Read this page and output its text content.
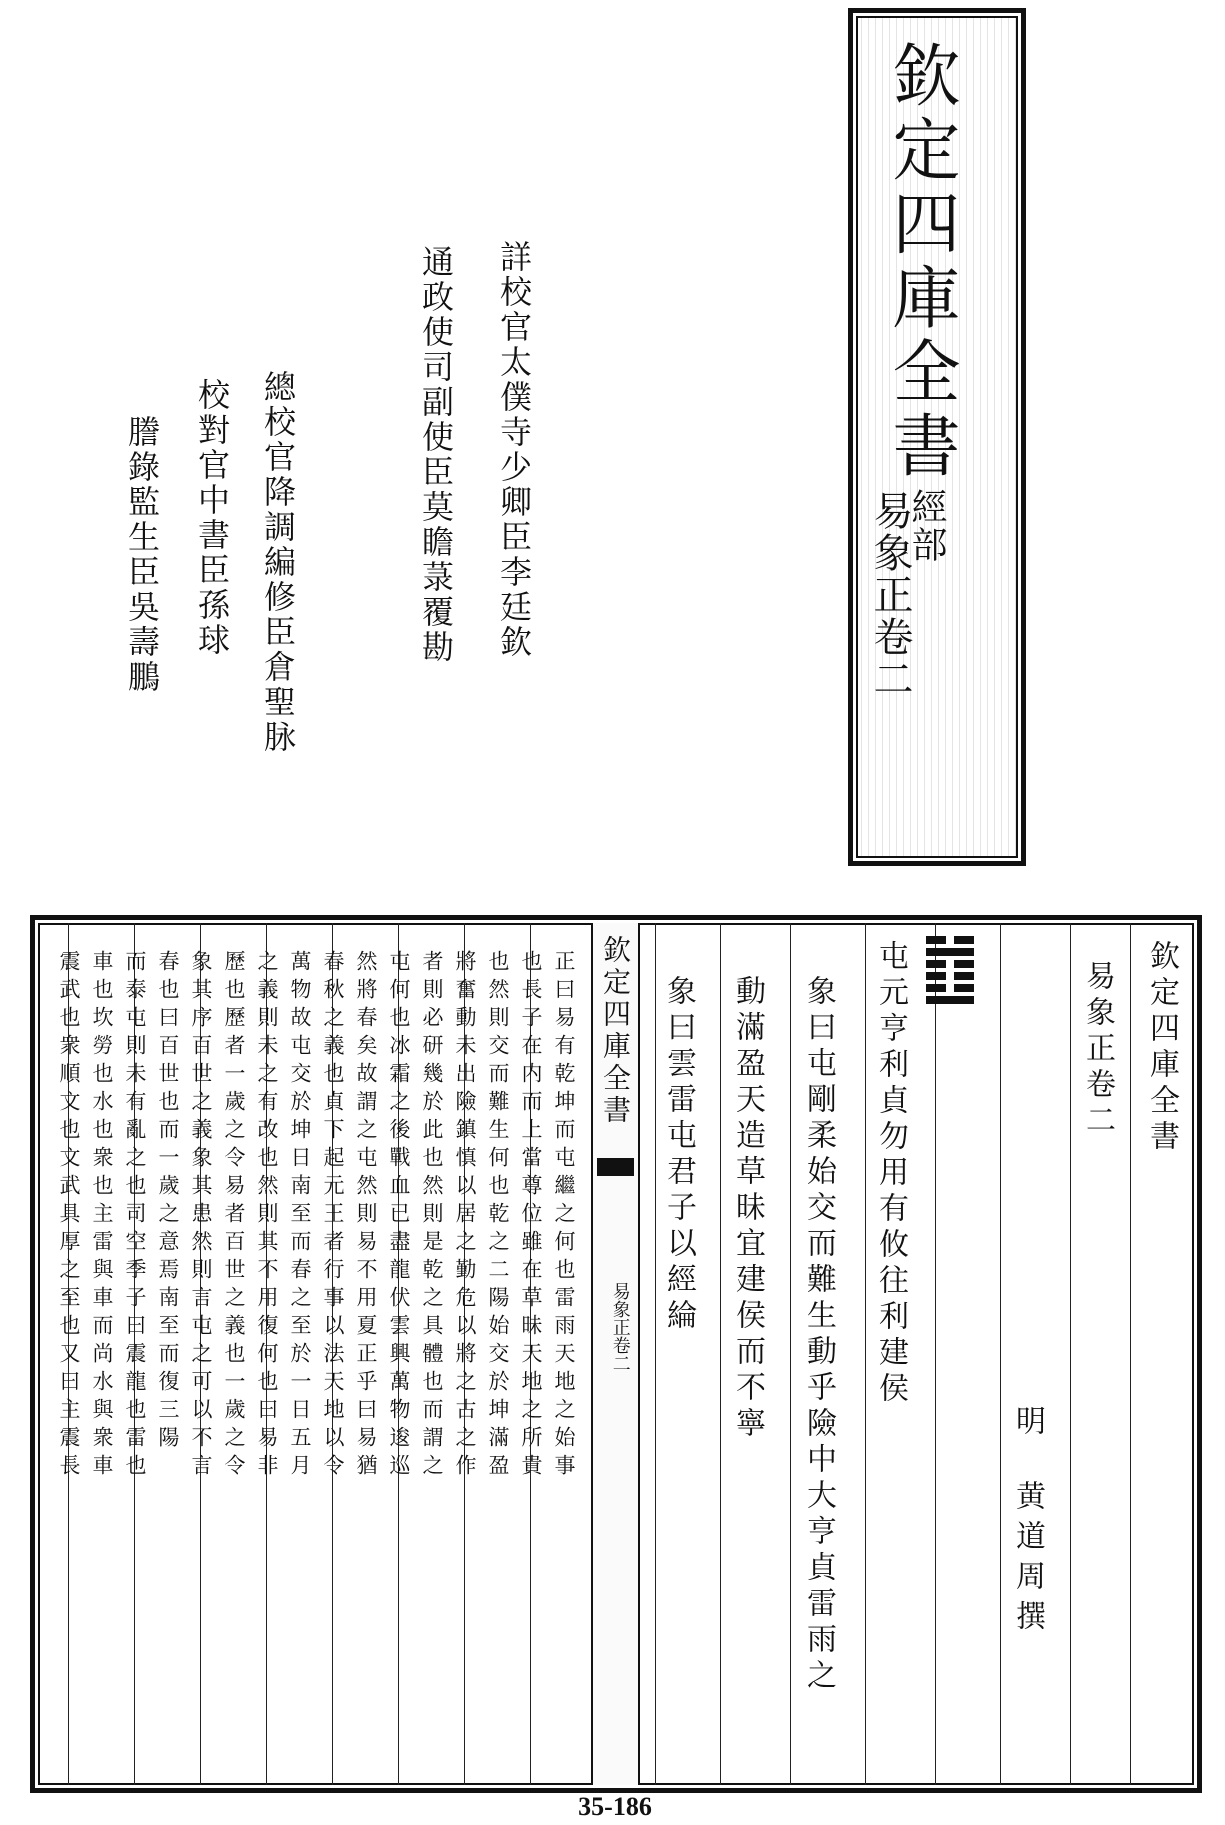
欽定四庫全書
經部
易象正卷二
詳校官太僕寺少卿臣李廷欽
通政使司副使臣莫瞻菉覆勘
總校官降調編修臣倉聖脉
校對官中書臣孫球
謄錄監生臣吳壽鵬
欽定四庫全書
易象正卷二
欽定四庫全書
易象正卷二
明
黄道周撰
屯元亨利貞勿用有攸往利建侯
象曰屯剛柔始交而難生動乎險中大亨貞雷雨之
動滿盈天造草昧宜建侯而不寧
象曰雲雷屯君子以經綸
正曰易有乾坤而屯繼之何也雷雨天地之始事
也長子在内而上當尊位雖在草昧天地之所貴
也然則交而難生何也乾之二陽始交於坤滿盈
將奮動未出險鎮慎以居之勤危以將之古之作
者則必研幾於此也然則是乾之具體也而謂之
屯何也冰霜之後戰血已盡龍伏雲興萬物逡巡
然將春矣故謂之屯然則易不用夏正乎曰易猶
春秋之義也貞下起元王者行事以法天地以令
萬物故屯交於坤日南至而春之至於一日五月
之義則未之有改也然則其不用復何也曰易非
歷也歷者一歲之令易者百世之義也一歲之令
象其序百世之義象其患然則言屯之可以不言
春也曰百世也而一歲之意焉南至而復三陽
而泰屯則未有亂之也司空季子曰震龍也雷也
車也坎勞也水也衆也主雷與車而尚水與衆車
震武也衆順文也文武具厚之至也又曰主震長
35-186
